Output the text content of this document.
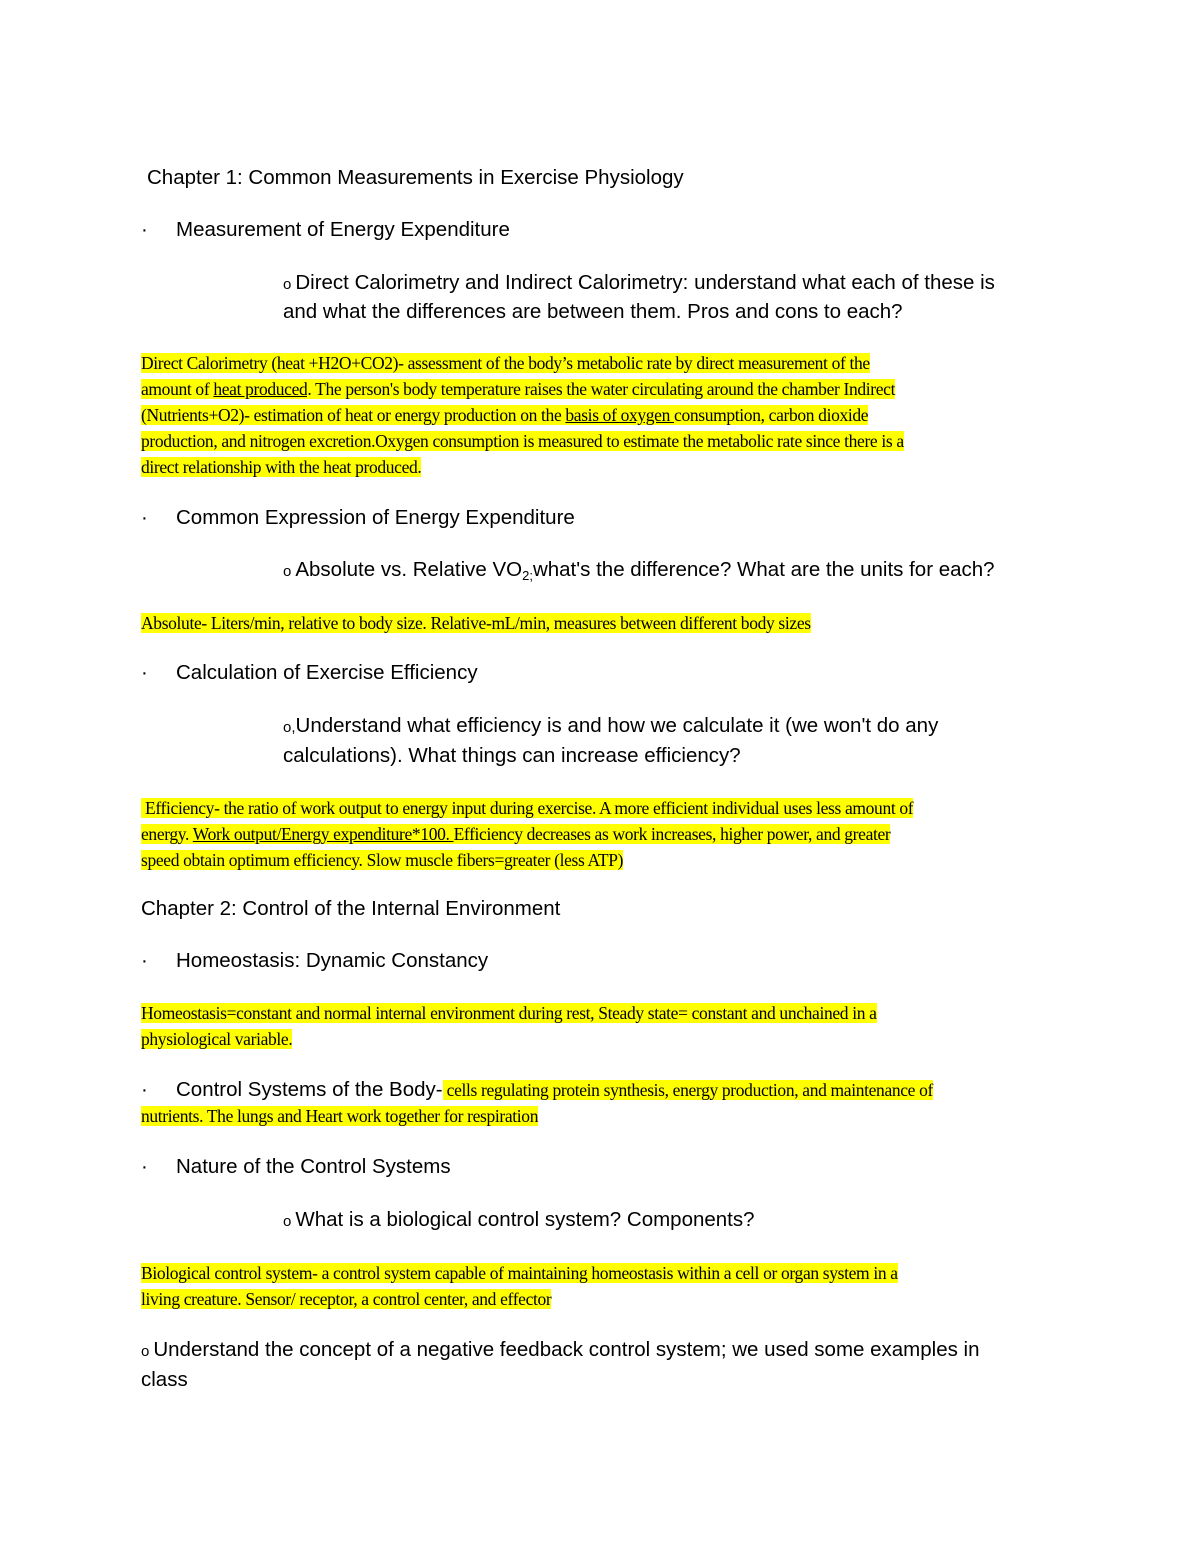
Chapter 1: Common Measurements in Exercise Physiology

· Measurement of Energy Expenditure

o Direct Calorimetry and Indirect Calorimetry: understand what each of these is

and what the differences are between them. Pros and cons to each?

Direct Calorimetry (heat +H2O+CO2)- assessment of the body’s metabolic rate by direct measurement of the

amount of heat produced. The person's body temperature raises the water circulating around the chamber Indirect

(Nutrients+O2)- estimation of heat or energy production on the basis of oxygen consumption, carbon dioxide

production, and nitrogen excretion.Oxygen consumption is measured to estimate the metabolic rate since there is a

direct relationship with the heat produced.

· Common Expression of Energy Expenditure

o Absolute vs. Relative $VO_{2;}what's$ the difference? What are the units for each?

Absolute- Liters/min, relative to body size. Relative-mL/min, measures between different body sizes

· Calculation of Exercise Efficiency

o,Understand what efficiency is and how we calculate it (we won't do any

calculations). What things can increase efficiency?

Efficiency- the ratio of work output to energy input during exercise. A more efficient individual uses less amount of

energy. Work output/Energy expenditure*100. Efficiency decreases as work increases, higher power, and greater

speed obtain optimum efficiency. Slow muscle fibers=greater (less ATP)

Chapter 2: Control of the Internal Environment

· Homeostasis: Dynamic Constancy

Homeostasis=constant and normal internal environment during rest, Steady state= constant and unchained in a

physiological variable.

· Control Systems of the Body- cells regulating protein synthesis, energy production, and maintenance of

nutrients. The lungs and Heart work together for respiration

· Nature of the Control Systems

o What is a biological control system? Components?

Biological control system- a control system capable of maintaining homeostasis within a cell or organ system in a

living creature. Sensor/ receptor, a control center, and effector

o Understand the concept of a negative feedback control system; we used some examples in

class
